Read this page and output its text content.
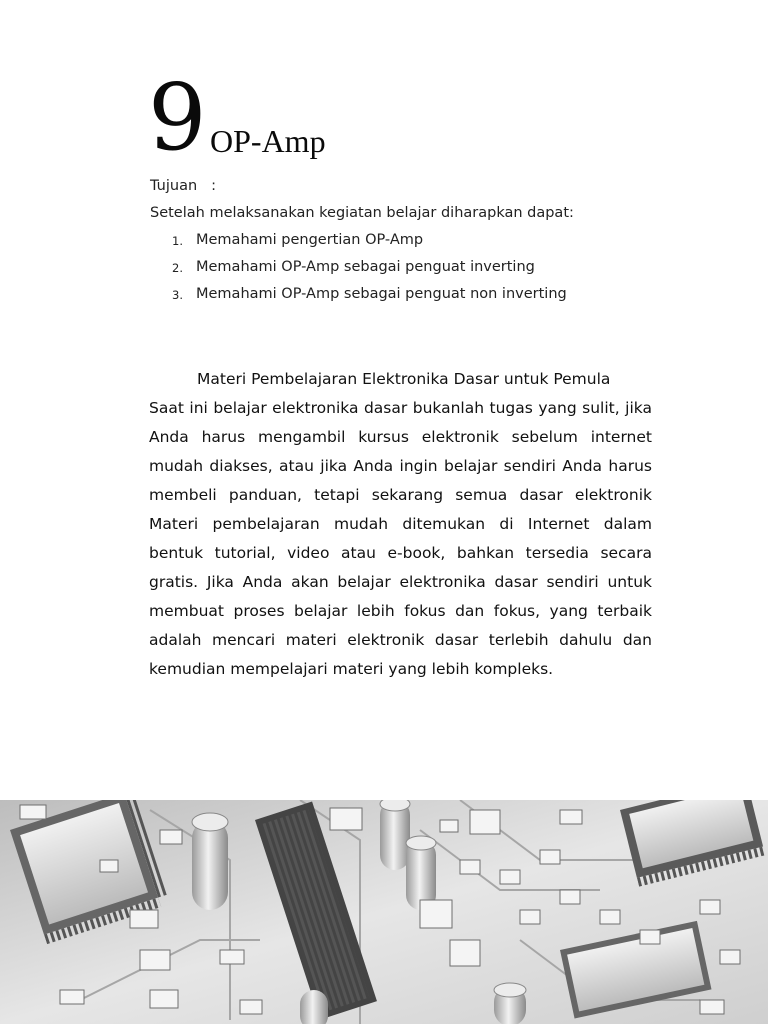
9 OP-Amp
Tujuan :
Setelah melaksanakan kegiatan belajar diharapkan dapat:
1. Memahami pengertian OP-Amp
2. Memahami OP-Amp sebagai penguat inverting
3. Memahami OP-Amp sebagai penguat non inverting
Materi Pembelajaran Elektronika Dasar untuk Pemula
Saat ini belajar elektronika dasar bukanlah tugas yang sulit, jika Anda harus mengambil kursus elektronik sebelum internet mudah diakses, atau jika Anda ingin belajar sendiri Anda harus membeli panduan, tetapi sekarang semua dasar elektronik Materi pembelajaran mudah ditemukan di Internet dalam bentuk tutorial, video atau e-book, bahkan tersedia secara gratis. Jika Anda akan belajar elektronika dasar sendiri untuk membuat proses belajar lebih fokus dan fokus, yang terbaik adalah mencari materi elektronik dasar terlebih dahulu dan kemudian mempelajari materi yang lebih kompleks.
